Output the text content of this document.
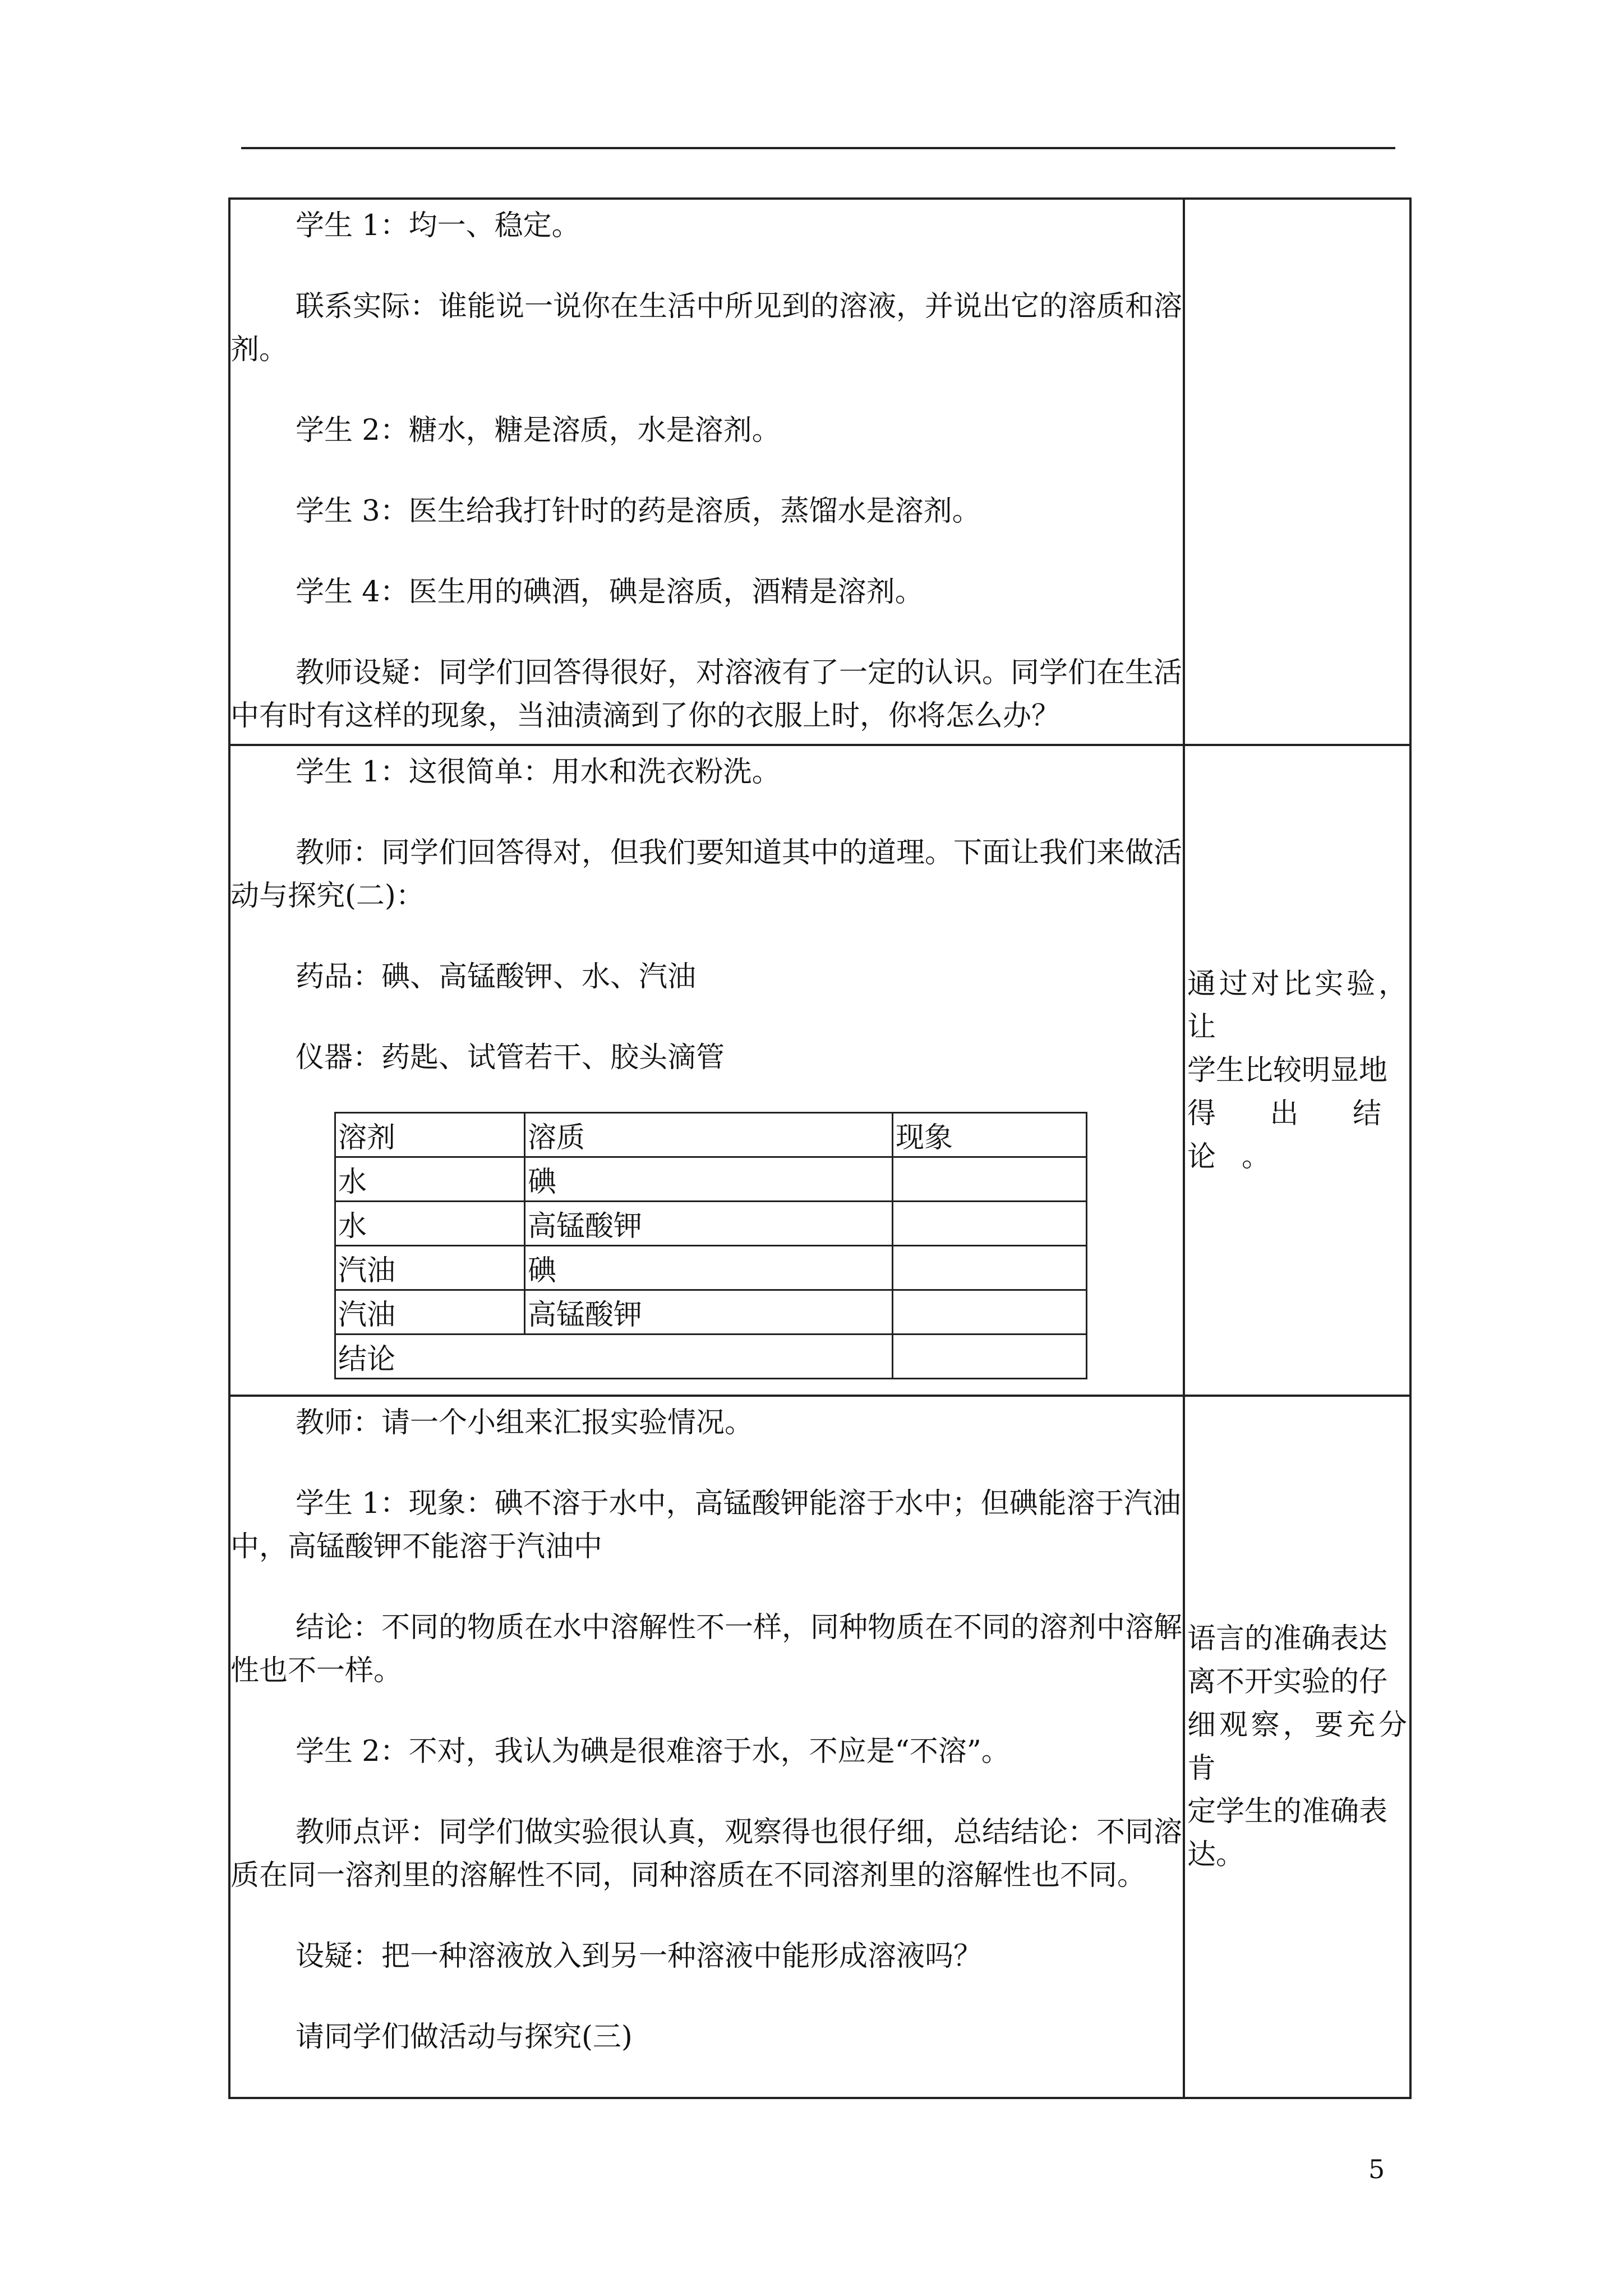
学生 1：均一、稳定。

联系实际：谁能说一说你在生活中所见到的溶液，并说出它的溶质和溶剂。

学生 2：糖水，糖是溶质，水是溶剂。

学生 3：医生给我打针时的药是溶质，蒸馏水是溶剂。

学生 4：医生用的碘酒，碘是溶质，酒精是溶剂。

教师设疑：同学们回答得很好，对溶液有了一定的认识。同学们在生活中有时有这样的现象，当油渍滴到了你的衣服上时，你将怎么办？

学生 1：这很简单：用水和洗衣粉洗。

教师：同学们回答得对，但我们要知道其中的道理。下面让我们来做活动与探究(二)：

药品：碘、高锰酸钾、水、汽油

仪器：药匙、试管若干、胶头滴管

溶剂	溶质	现象
水	碘	
水	高锰酸钾	
汽油	碘	
汽油	高锰酸钾	
结论	

通过对比实验，让

学生比较明显地

得出结论。

教师：请一个小组来汇报实验情况。

学生 1：现象：碘不溶于水中，高锰酸钾能溶于水中；但碘能溶于汽油中，高锰酸钾不能溶于汽油中

结论：不同的物质在水中溶解性不一样，同种物质在不同的溶剂中溶解性也不一样。

学生 2：不对，我认为碘是很难溶于水，不应是“不溶”。

教师点评：同学们做实验很认真，观察得也很仔细，总结结论：不同溶质在同一溶剂里的溶解性不同，同种溶质在不同溶剂里的溶解性也不同。

设疑：把一种溶液放入到另一种溶液中能形成溶液吗？

请同学们做活动与探究(三)

语言的准确表达

离不开实验的仔

细观察，要充分肯

定学生的准确表

达。

5
